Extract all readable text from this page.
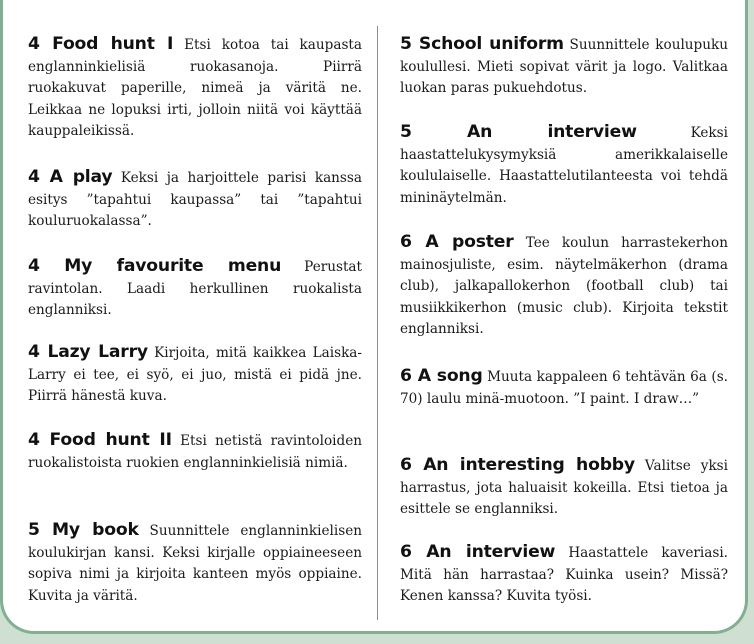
4 Food hunt I Etsi kotoa tai kaupasta englanninkielisiä ruokasanoja. Piirrä ruokakuvat paperille, nimeä ja väritä ne. Leikkaa ne lopuksi irti, jolloin niitä voi käyttää kauppaleikissä.

4 A play Keksi ja harjoittele parisi kanssa esitys ”tapahtui kaupassa” tai ”tapahtui kouluruokalassa”.

4 My favourite menu Perustat ravintolan. Laadi herkullinen ruokalista englanniksi.

4 Lazy Larry Kirjoita, mitä kaikkea Laiska-Larry ei tee, ei syö, ei juo, mistä ei pidä jne. Piirrä hänestä kuva.

4 Food hunt II Etsi netistä ravintoloiden ruokalistoista ruokien englanninkielisiä nimiä.

5 My book Suunnittele englanninkielisen koulukirjan kansi. Keksi kirjalle oppiaineeseen sopiva nimi ja kirjoita kanteen myös oppiaine. Kuvita ja väritä.

5 School uniform Suunnittele koulupuku koulullesi. Mieti sopivat värit ja logo. Valitkaa luokan paras pukuehdotus.

5 An interview	Keksi haastattelukysymyksiä amerikkalaiselle koululaiselle. Haastattelutilanteesta voi tehdä mininäytelmän.

6 A poster Tee koulun harrastekerhon mainosjuliste, esim. näytelmäkerhon (drama club), jalkapallokerhon (football club) tai musiikkikerhon (music club). Kirjoita tekstit englanniksi.

6 A song Muuta kappaleen 6 tehtävän 6a (s. 70) laulu minä-muotoon. ”I paint. I draw…”

6 An interesting hobby Valitse yksi harrastus, jota haluaisit kokeilla. Etsi tietoa ja esittele se englanniksi.

6 An interview Haastattele kaveriasi. Mitä hän harrastaa? Kuinka usein? Missä? Kenen kanssa? Kuvita työsi.
